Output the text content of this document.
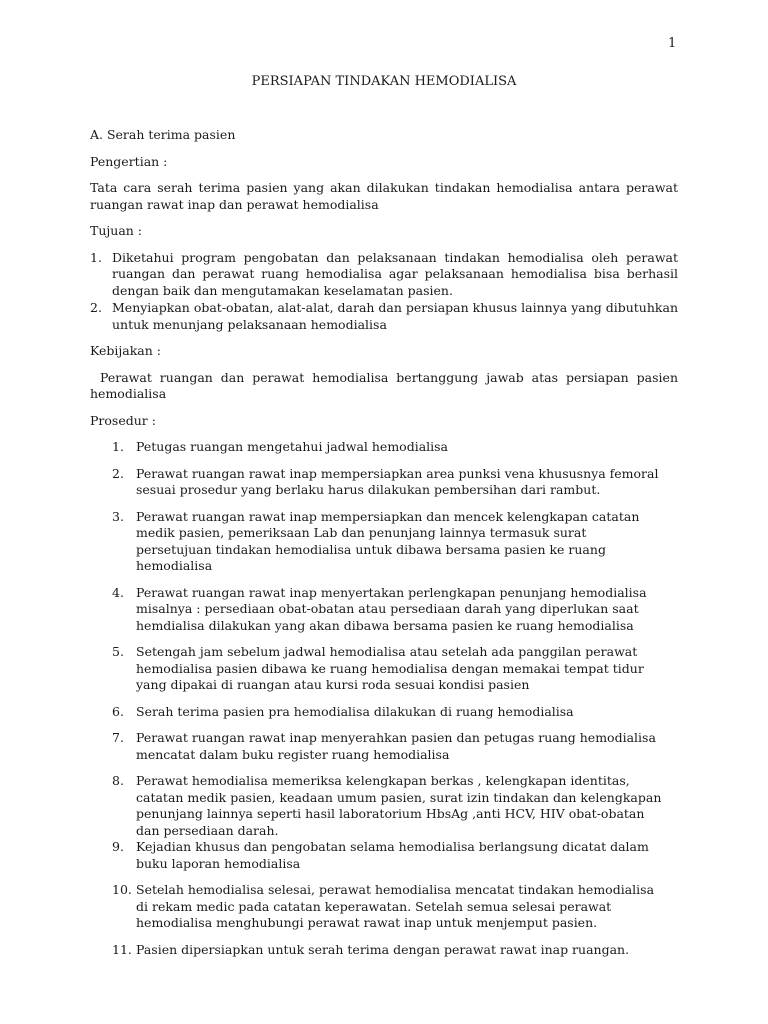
1
PERSIAPAN TINDAKAN HEMODIALISA

A. Serah terima pasien

Pengertian :

Tata cara serah terima pasien yang akan dilakukan tindakan hemodialisa antara perawat ruangan rawat inap dan perawat hemodialisa

Tujuan :

1. Diketahui program pengobatan dan pelaksanaan tindakan hemodialisa oleh perawat ruangan dan perawat ruang hemodialisa agar pelaksanaan hemodialisa bisa berhasil dengan baik dan mengutamakan keselamatan pasien.
2. Menyiapkan obat-obatan, alat-alat, darah dan persiapan khusus lainnya yang dibutuhkan untuk menunjang pelaksanaan hemodialisa

Kebijakan :

Perawat ruangan dan perawat hemodialisa bertanggung jawab atas persiapan pasien hemodialisa

Prosedur :

1. Petugas ruangan mengetahui jadwal hemodialisa
2. Perawat ruangan rawat inap mempersiapkan area punksi vena khususnya femoral sesuai prosedur yang berlaku harus dilakukan pembersihan dari rambut.
3. Perawat ruangan rawat inap mempersiapkan dan mencek kelengkapan catatan medik pasien, pemeriksaan Lab dan penunjang lainnya termasuk surat persetujuan tindakan hemodialisa untuk dibawa bersama pasien ke ruang hemodialisa
4. Perawat ruangan rawat inap menyertakan perlengkapan penunjang hemodialisa misalnya : persediaan obat-obatan atau persediaan darah yang diperlukan saat hemdialisa dilakukan yang akan dibawa bersama pasien ke ruang hemodialisa
5. Setengah jam sebelum jadwal hemodialisa atau setelah ada panggilan perawat hemodialisa pasien dibawa ke ruang hemodialisa dengan memakai tempat tidur yang dipakai di ruangan atau kursi roda sesuai kondisi pasien
6. Serah terima pasien pra hemodialisa dilakukan di ruang hemodialisa
7. Perawat ruangan rawat inap menyerahkan pasien dan petugas ruang hemodialisa mencatat dalam buku register ruang hemodialisa
8. Perawat hemodialisa memeriksa kelengkapan berkas , kelengkapan identitas, catatan medik pasien, keadaan umum pasien, surat izin tindakan dan kelengkapan penunjang lainnya seperti hasil laboratorium HbsAg ,anti HCV, HIV obat-obatan dan persediaan darah.
9. Kejadian khusus dan pengobatan selama hemodialisa berlangsung dicatat dalam buku laporan hemodialisa
10. Setelah hemodialisa selesai, perawat hemodialisa mencatat tindakan hemodialisa di rekam medic pada catatan keperawatan. Setelah semua selesai perawat hemodialisa menghubungi perawat rawat inap untuk menjemput pasien.
11. Pasien dipersiapkan untuk serah terima dengan perawat rawat inap ruangan.
